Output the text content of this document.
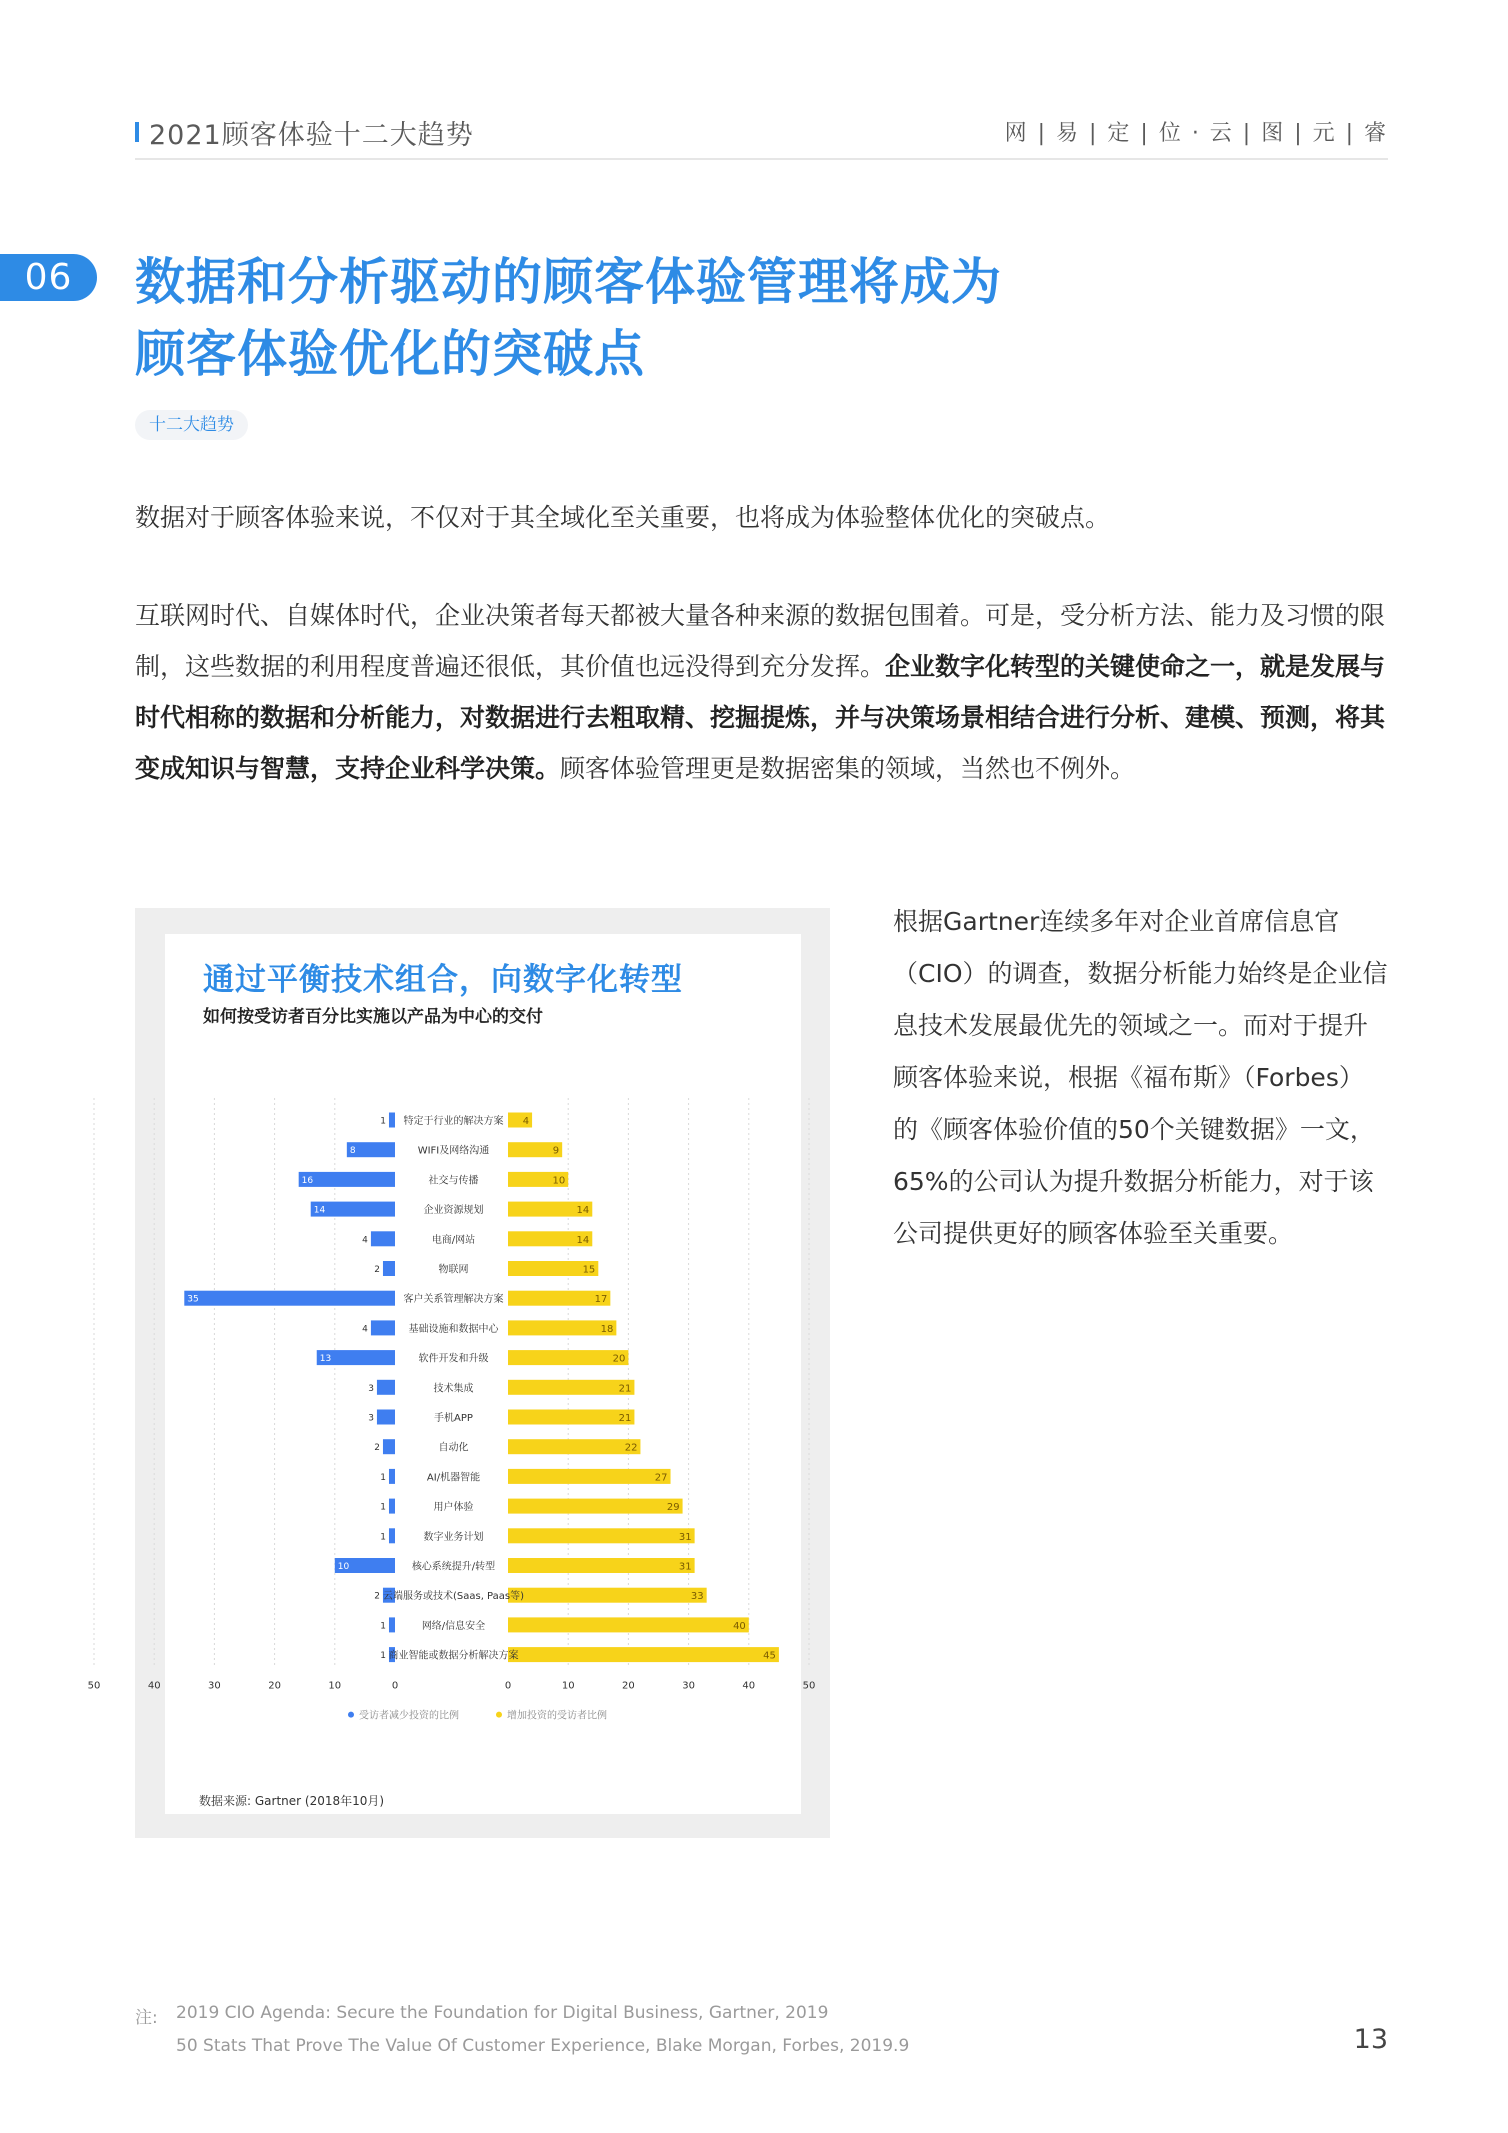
2021顾客体验十二大趋势	网 | 易 | 定 | 位 · 云 | 图 | 元 | 睿
06	数据和分析驱动的顾客体验管理将成为
顾客体验优化的突破点
十二大趋势
数据对于顾客体验来说，不仅对于其全域化至关重要，也将成为体验整体优化的突破点。
互联网时代、自媒体时代，企业决策者每天都被大量各种来源的数据包围着。可是，受分析方法、能力及习惯的限制，这些数据的利用程度普遍还很低，其价值也远没得到充分发挥。企业数字化转型的关键使命之一，就是发展与时代相称的数据和分析能力，对数据进行去粗取精、挖掘提炼，并与决策场景相结合进行分析、建模、预测，将其变成知识与智慧，支持企业科学决策。顾客体验管理更是数据密集的领域，当然也不例外。
通过平衡技术组合，向数字化转型
如何按受访者百分比实施以产品为中心的交付
50	40	30	20	10	0	0	10	20	30	40	50
1	4
特定于行业的解决方案
8	9
WIFI及网络沟通
16	10
社交与传播
14	14
企业资源规划
4	14
电商/网站
2	15
物联网
35	17
客户关系管理解决方案
4	18
基础设施和数据中心
13	20
软件开发和升级
3	21
技术集成
3	21
手机APP
2	22
自动化
1	27
AI/机器智能
1	29
用户体验
1	31
数字业务计划
10	31
核心系统提升/转型
2	33
云端服务或技术(Saas, Paas等)
1	40
网络/信息安全
1	45
商业智能或数据分析解决方案
受访者减少投资的比例	增加投资的受访者比例
数据来源: Gartner (2018年10月)
根据Gartner连续多年对企业首席信息官（CIO）的调查，数据分析能力始终是企业信息技术发展最优先的领域之一。而对于提升顾客体验来说，根据《福布斯》（Forbes）的《顾客体验价值的50个关键数据》一文，65%的公司认为提升数据分析能力，对于该公司提供更好的顾客体验至关重要。
注: 2019 CIO Agenda: Secure the Foundation for Digital Business, Gartner, 2019
50 Stats That Prove The Value Of Customer Experience, Blake Morgan, Forbes, 2019.9	13
